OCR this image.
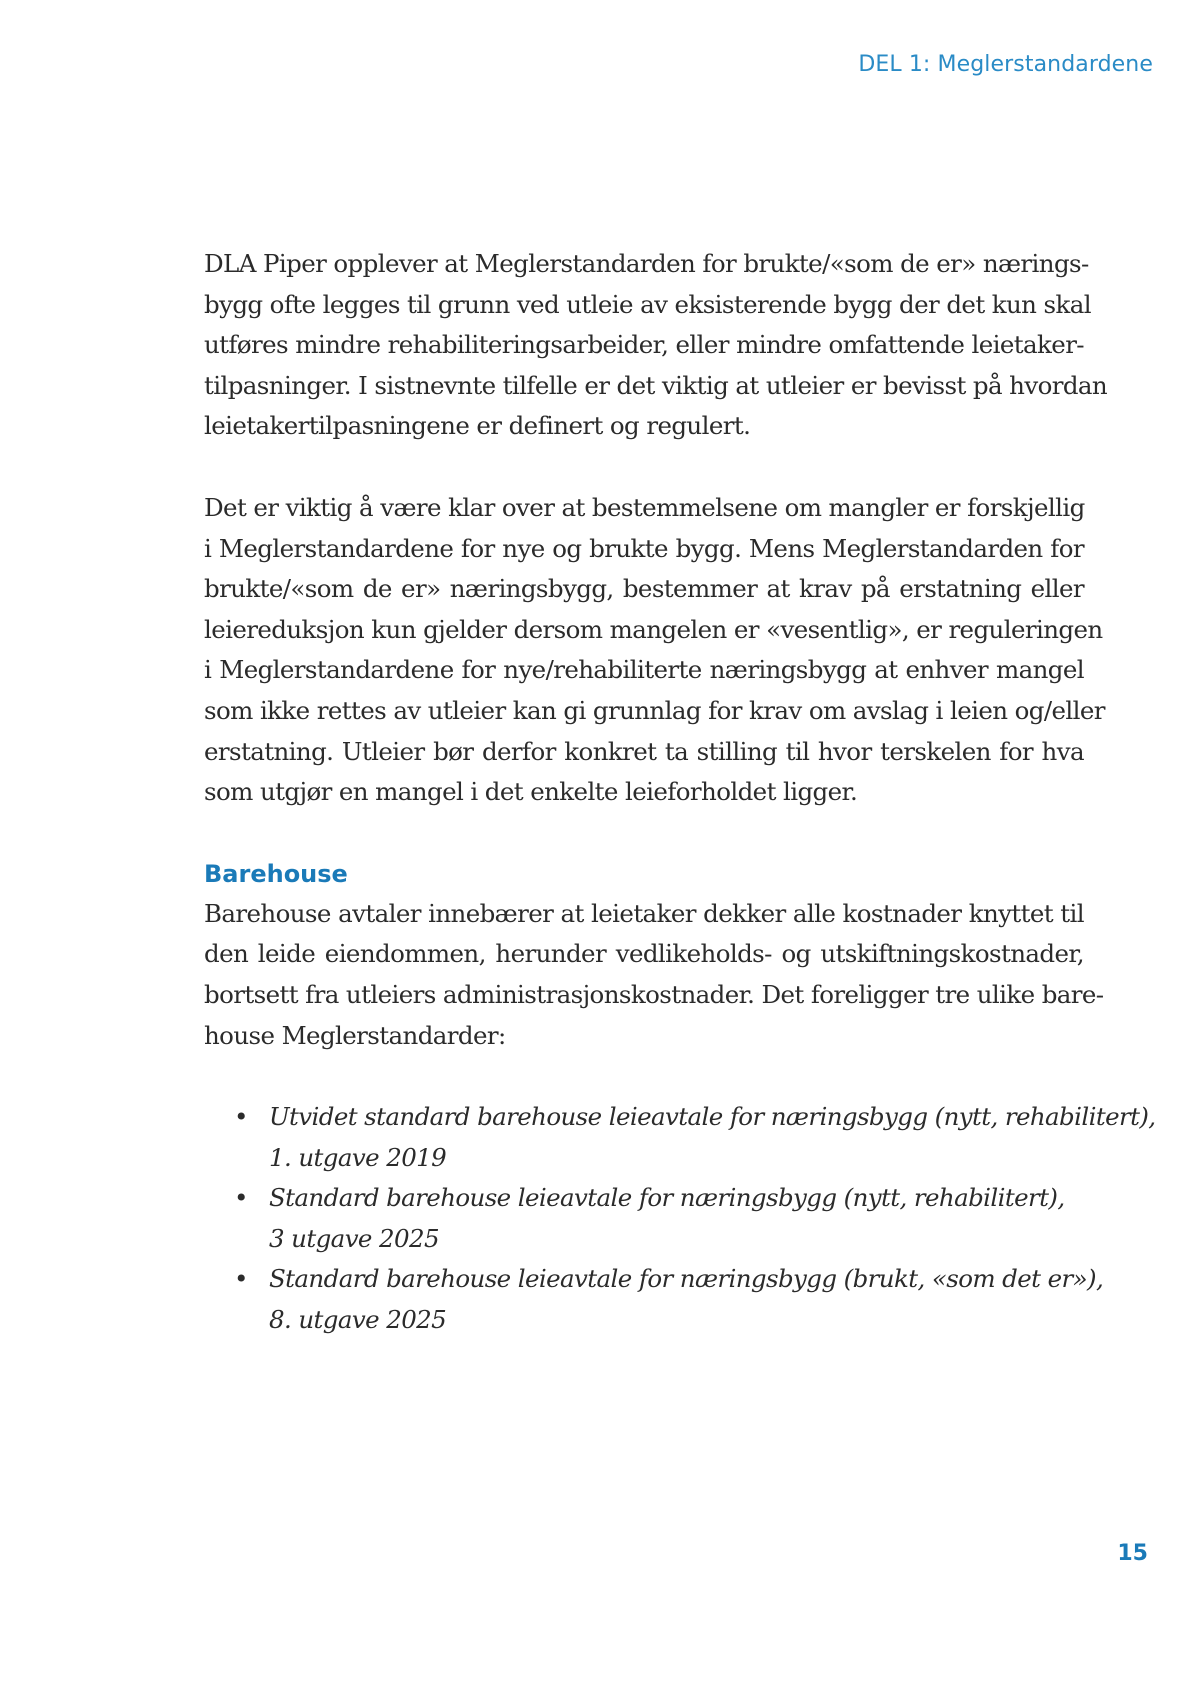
DEL 1: Meglerstandardene

DLA Piper opplever at Meglerstandarden for brukte/«som de er» nærings-
bygg ofte legges til grunn ved utleie av eksisterende bygg der det kun skal
utføres mindre rehabiliteringsarbeider, eller mindre omfattende leietaker-
tilpasninger. I sistnevnte tilfelle er det viktig at utleier er bevisst på hvordan
leietakertilpasningene er definert og regulert.

Det er viktig å være klar over at bestemmelsene om mangler er forskjellig
i Meglerstandardene for nye og brukte bygg. Mens Meglerstandarden for
brukte/«som de er» næringsbygg, bestemmer at krav på erstatning eller
leiereduksjon kun gjelder dersom mangelen er «vesentlig», er reguleringen
i Meglerstandardene for nye/rehabiliterte næringsbygg at enhver mangel
som ikke rettes av utleier kan gi grunnlag for krav om avslag i leien og/eller
erstatning. Utleier bør derfor konkret ta stilling til hvor terskelen for hva
som utgjør en mangel i det enkelte leieforholdet ligger.

Barehouse

Barehouse avtaler innebærer at leietaker dekker alle kostnader knyttet til
den leide eiendommen, herunder vedlikeholds- og utskiftningskostnader,
bortsett fra utleiers administrasjonskostnader. Det foreligger tre ulike bare-
house Meglerstandarder:

• Utvidet standard barehouse leieavtale for næringsbygg (nytt, rehabilitert),
1. utgave 2019
• Standard barehouse leieavtale for næringsbygg (nytt, rehabilitert),
3 utgave 2025
• Standard barehouse leieavtale for næringsbygg (brukt, «som det er»),
8. utgave 2025
15
